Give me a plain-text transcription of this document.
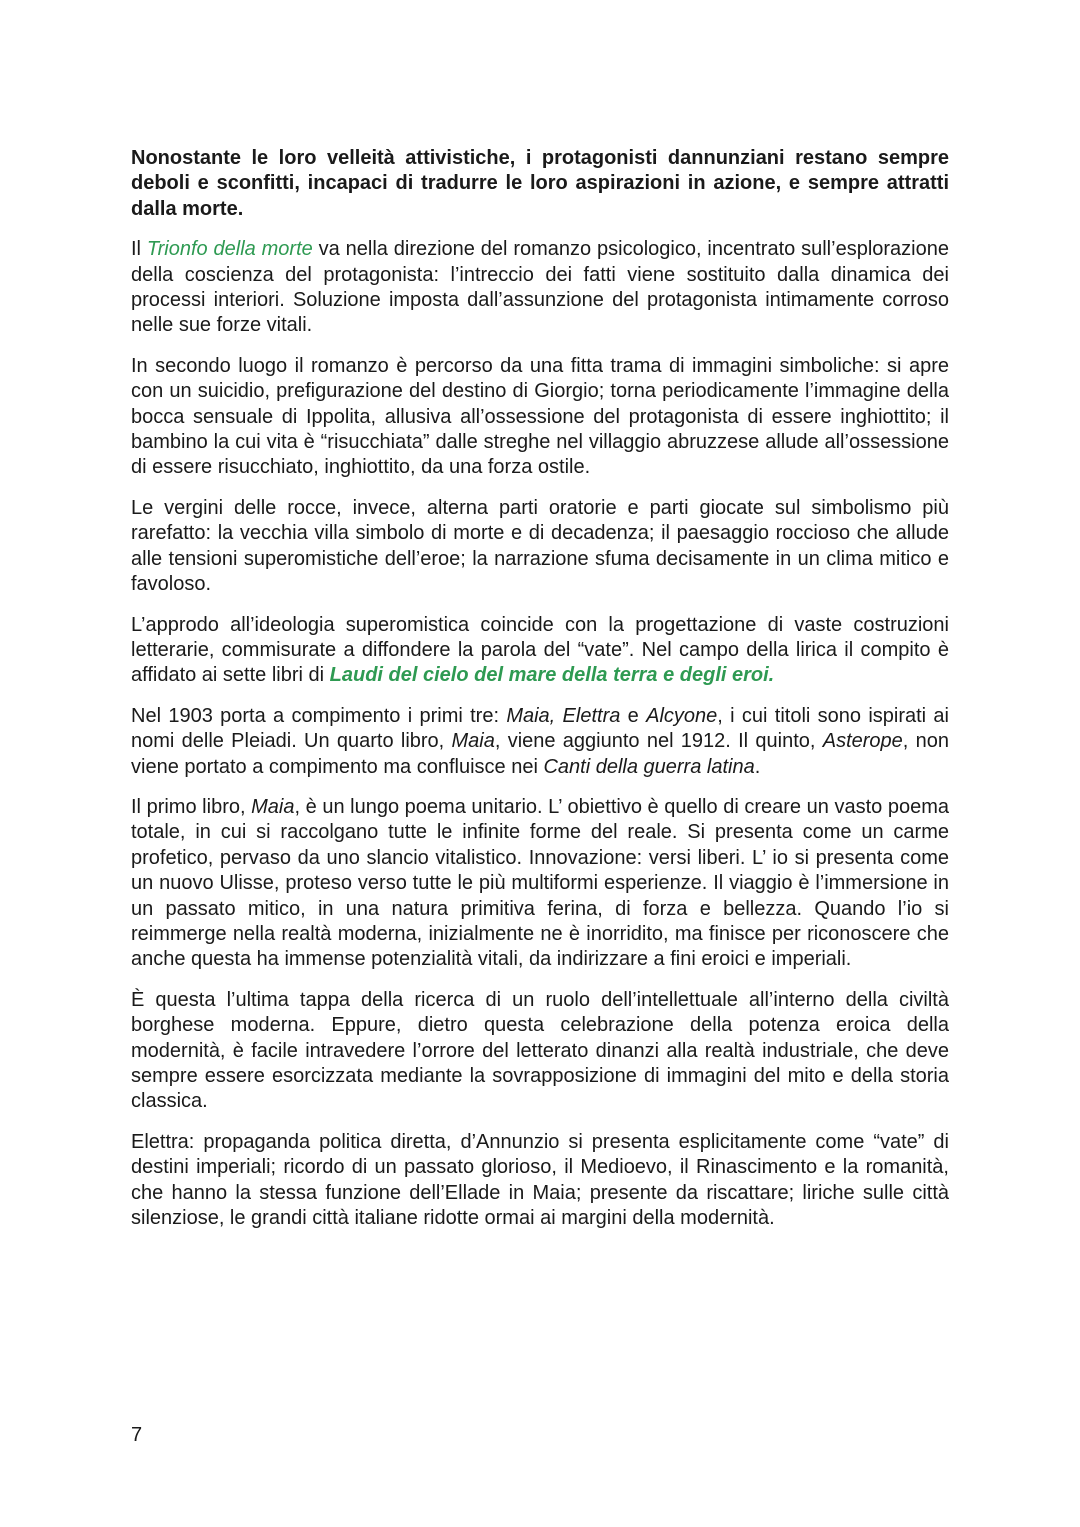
Nonostante le loro velleità attivistiche, i protagonisti dannunziani restano sempre deboli e sconfitti, incapaci di tradurre le loro aspirazioni in azione, e sempre attratti dalla morte.

Il Trionfo della morte va nella direzione del romanzo psicologico, incentrato sull’esplorazione della coscienza del protagonista: l’intreccio dei fatti viene sostituito dalla dinamica dei processi interiori. Soluzione imposta dall’assunzione del protagonista intimamente corroso nelle sue forze vitali.

In secondo luogo il romanzo è percorso da una fitta trama di immagini simboliche: si apre con un suicidio, prefigurazione del destino di Giorgio; torna periodicamente l’immagine della bocca sensuale di Ippolita, allusiva all’ossessione del protagonista di essere inghiottito; il bambino la cui vita è “risucchiata” dalle streghe nel villaggio abruzzese allude all’ossessione di essere risucchiato, inghiottito, da una forza ostile.

Le vergini delle rocce, invece, alterna parti oratorie e parti giocate sul simbolismo più rarefatto: la vecchia villa simbolo di morte e di decadenza; il paesaggio roccioso che allude alle tensioni superomistiche dell’eroe; la narrazione sfuma decisamente in un clima mitico e favoloso.

L’approdo all’ideologia superomistica coincide con la progettazione di vaste costruzioni letterarie, commisurate a diffondere la parola del “vate”. Nel campo della lirica il compito è affidato ai sette libri di Laudi del cielo del mare della terra e degli eroi.

Nel 1903 porta a compimento i primi tre: Maia, Elettra e Alcyone, i cui titoli sono ispirati ai nomi delle Pleiadi. Un quarto libro, Maia, viene aggiunto nel 1912. Il quinto, Asterope, non viene portato a compimento ma confluisce nei Canti della guerra latina.

Il primo libro, Maia, è un lungo poema unitario. L’ obiettivo è quello di creare un vasto poema totale, in cui si raccolgano tutte le infinite forme del reale. Si presenta come un carme profetico, pervaso da uno slancio vitalistico. Innovazione: versi liberi. L’ io si presenta come un nuovo Ulisse, proteso verso tutte le più multiformi esperienze. Il viaggio è l’immersione in un passato mitico, in una natura primitiva ferina, di forza e bellezza. Quando l’io si reimmerge nella realtà moderna, inizialmente ne è inorridito, ma finisce per riconoscere che anche questa ha immense potenzialità vitali, da indirizzare a fini eroici e imperiali.

È questa l’ultima tappa della ricerca di un ruolo dell’intellettuale all’interno della civiltà borghese moderna. Eppure, dietro questa celebrazione della potenza eroica della modernità, è facile intravedere l’orrore del letterato dinanzi alla realtà industriale, che deve sempre essere esorcizzata mediante la sovrapposizione di immagini del mito e della storia classica.

Elettra: propaganda politica diretta, d’Annunzio si presenta esplicitamente come “vate” di destini imperiali; ricordo di un passato glorioso, il Medioevo, il Rinascimento e la romanità, che hanno la stessa funzione dell’Ellade in Maia; presente da riscattare; liriche sulle città silenziose, le grandi città italiane ridotte ormai ai margini della modernità.

7
